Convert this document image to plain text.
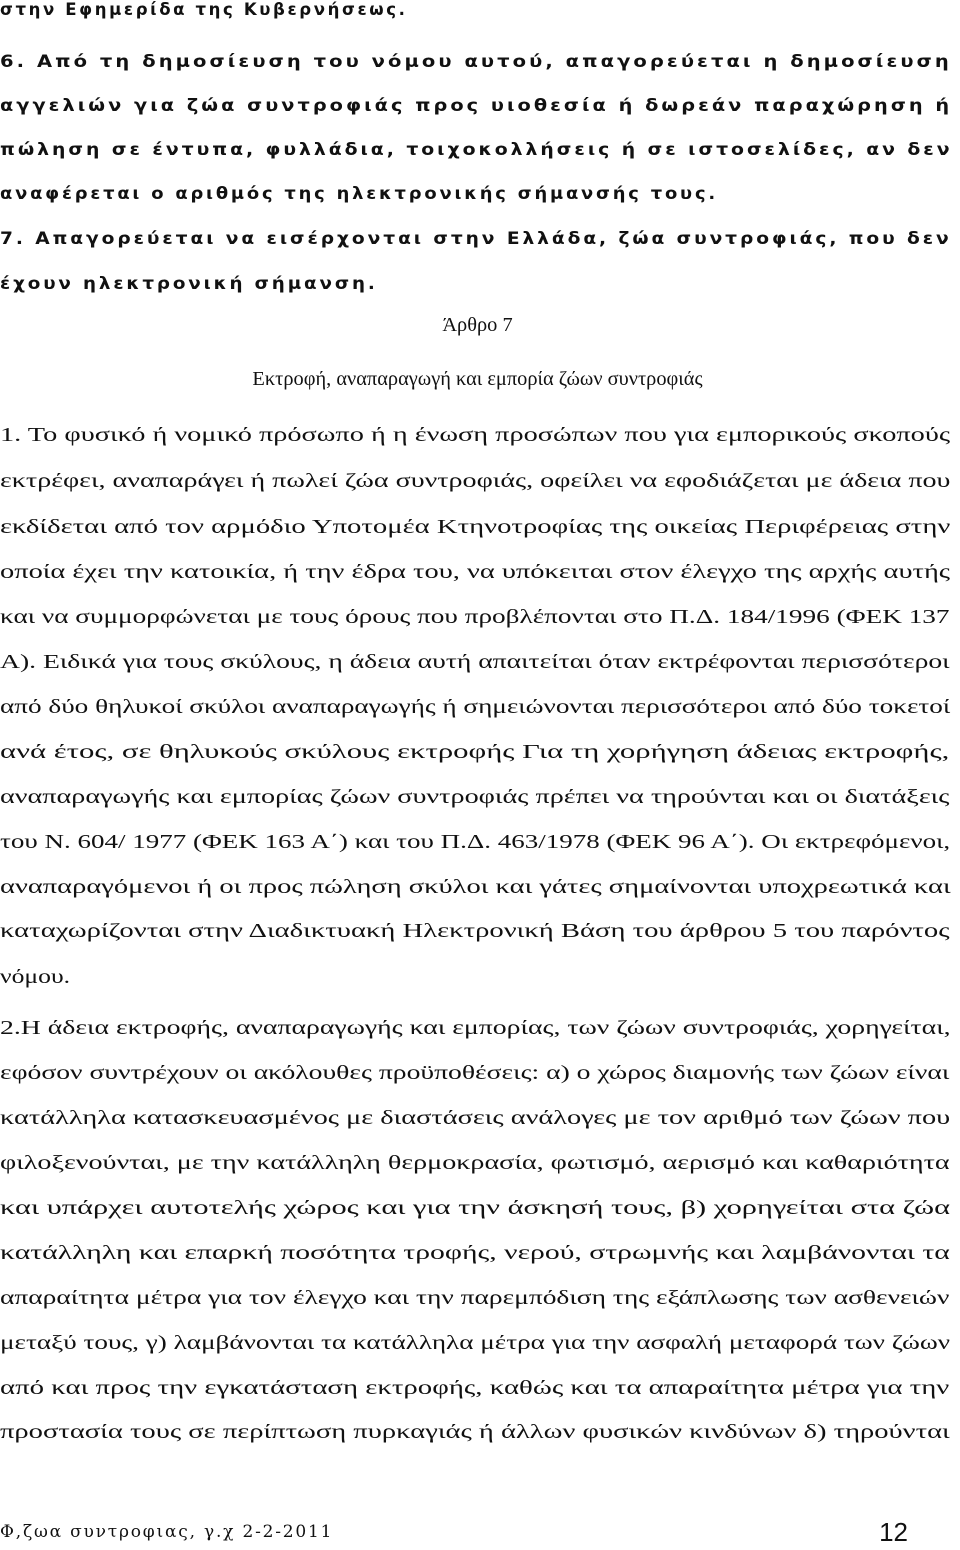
στην Εφημερίδα της Κυβερνήσεως.
6. Από τη δημοσίευση του νόμου αυτού, απαγορεύεται η δημοσίευση
αγγελιών για ζώα συντροφιάς προς υιοθεσία ή δωρεάν παραχώρηση ή
πώληση σε έντυπα, φυλλάδια, τοιχοκολλήσεις ή σε ιστοσελίδες, αν δεν
αναφέρεται ο αριθμός της ηλεκτρονικής σήμανσής τους.
7. Απαγορεύεται να εισέρχονται στην Ελλάδα, ζώα συντροφιάς, που δεν
έχουν ηλεκτρονική σήμανση.
Άρθρο 7
Εκτροφή, αναπαραγωγή και εμπορία ζώων συντροφιάς
1. Το φυσικό ή νομικό πρόσωπο ή η ένωση προσώπων που για εμπορικούς σκοπούς
εκτρέφει, αναπαράγει ή πωλεί ζώα συντροφιάς, οφείλει να εφοδιάζεται με άδεια που
εκδίδεται από τον αρμόδιο Υποτομέα Κτηνοτροφίας της οικείας Περιφέρειας στην
οποία έχει την κατοικία, ή την έδρα του, να υπόκειται στον έλεγχο της αρχής αυτής
και να συμμορφώνεται με τους όρους που προβλέπονται στο Π.Δ. 184/1996 (ΦΕΚ 137
Α). Ειδικά για τους σκύλους, η άδεια αυτή απαιτείται όταν εκτρέφονται περισσότεροι
από δύο θηλυκοί σκύλοι αναπαραγωγής ή σημειώνονται περισσότεροι από δύο τοκετοί
ανά έτος, σε θηλυκούς σκύλους εκτροφής Για τη χορήγηση άδειας εκτροφής,
αναπαραγωγής και εμπορίας ζώων συντροφιάς πρέπει να τηρούνται και οι διατάξεις
του Ν. 604/ 1977 (ΦΕΚ 163 Α΄) και του Π.Δ. 463/1978 (ΦΕΚ 96 Α΄). Οι εκτρεφόμενοι,
αναπαραγόμενοι ή οι προς πώληση σκύλοι και γάτες σημαίνονται υποχρεωτικά και
καταχωρίζονται στην Διαδικτυακή Ηλεκτρονική Βάση του άρθρου 5 του παρόντος
νόμου.
2.Η άδεια εκτροφής, αναπαραγωγής και εμπορίας, των ζώων συντροφιάς, χορηγείται,
εφόσον συντρέχουν οι ακόλουθες προϋποθέσεις: α) ο χώρος διαμονής των ζώων είναι
κατάλληλα κατασκευασμένος με διαστάσεις ανάλογες με τον αριθμό των ζώων που
φιλοξενούνται, με την κατάλληλη θερμοκρασία, φωτισμό, αερισμό και καθαριότητα
και υπάρχει αυτοτελής χώρος και για την άσκησή τους, β) χορηγείται στα ζώα
κατάλληλη και επαρκή ποσότητα τροφής, νερού, στρωμνής και λαμβάνονται τα
απαραίτητα μέτρα για τον έλεγχο και την παρεμπόδιση της εξάπλωσης των ασθενειών
μεταξύ τους, γ) λαμβάνονται τα κατάλληλα μέτρα για την ασφαλή μεταφορά των ζώων
από και προς την εγκατάσταση εκτροφής, καθώς και τα απαραίτητα μέτρα για την
προστασία τους σε περίπτωση πυρκαγιάς ή άλλων φυσικών κινδύνων δ) τηρούνται
Φ,ζωα συντροφιας, γ.χ 2-2-2011	12
